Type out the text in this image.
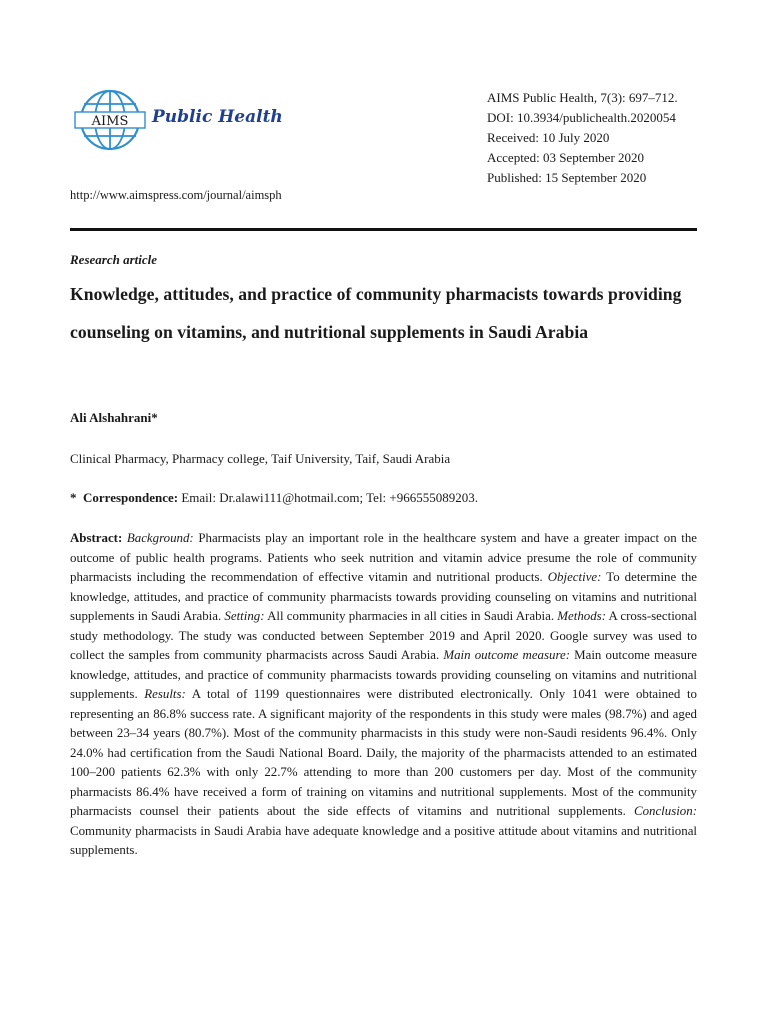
AIMS Public Health
AIMS Public Health, 7(3): 697–712.
DOI: 10.3934/publichealth.2020054
Received: 10 July 2020
Accepted: 03 September 2020
Published: 15 September 2020
http://www.aimspress.com/journal/aimsph
Research article
Knowledge, attitudes, and practice of community pharmacists towards providing counseling on vitamins, and nutritional supplements in Saudi Arabia
Ali Alshahrani*
Clinical Pharmacy, Pharmacy college, Taif University, Taif, Saudi Arabia
* Correspondence: Email: Dr.alawi111@hotmail.com; Tel: +966555089203.

Abstract: Background: Pharmacists play an important role in the healthcare system and have a greater impact on the outcome of public health programs. Patients who seek nutrition and vitamin advice presume the role of community pharmacists including the recommendation of effective vitamin and nutritional products. Objective: To determine the knowledge, attitudes, and practice of community pharmacists towards providing counseling on vitamins and nutritional supplements in Saudi Arabia. Setting: All community pharmacies in all cities in Saudi Arabia. Methods: A cross-sectional study methodology. The study was conducted between September 2019 and April 2020. Google survey was used to collect the samples from community pharmacists across Saudi Arabia. Main outcome measure: Main outcome measure knowledge, attitudes, and practice of community pharmacists towards providing counseling on vitamins and nutritional supplements. Results: A total of 1199 questionnaires were distributed electronically. Only 1041 were obtained to representing an 86.8% success rate. A significant majority of the respondents in this study were males (98.7%) and aged between 23–34 years (80.7%). Most of the community pharmacists in this study were non-Saudi residents 96.4%. Only 24.0% had certification from the Saudi National Board. Daily, the majority of the pharmacists attended to an estimated 100–200 patients 62.3% with only 22.7% attending to more than 200 customers per day. Most of the community pharmacists 86.4% have received a form of training on vitamins and nutritional supplements. Most of the community pharmacists counsel their patients about the side effects of vitamins and nutritional supplements. Conclusion: Community pharmacists in Saudi Arabia have adequate knowledge and a positive attitude about vitamins and nutritional supplements.
